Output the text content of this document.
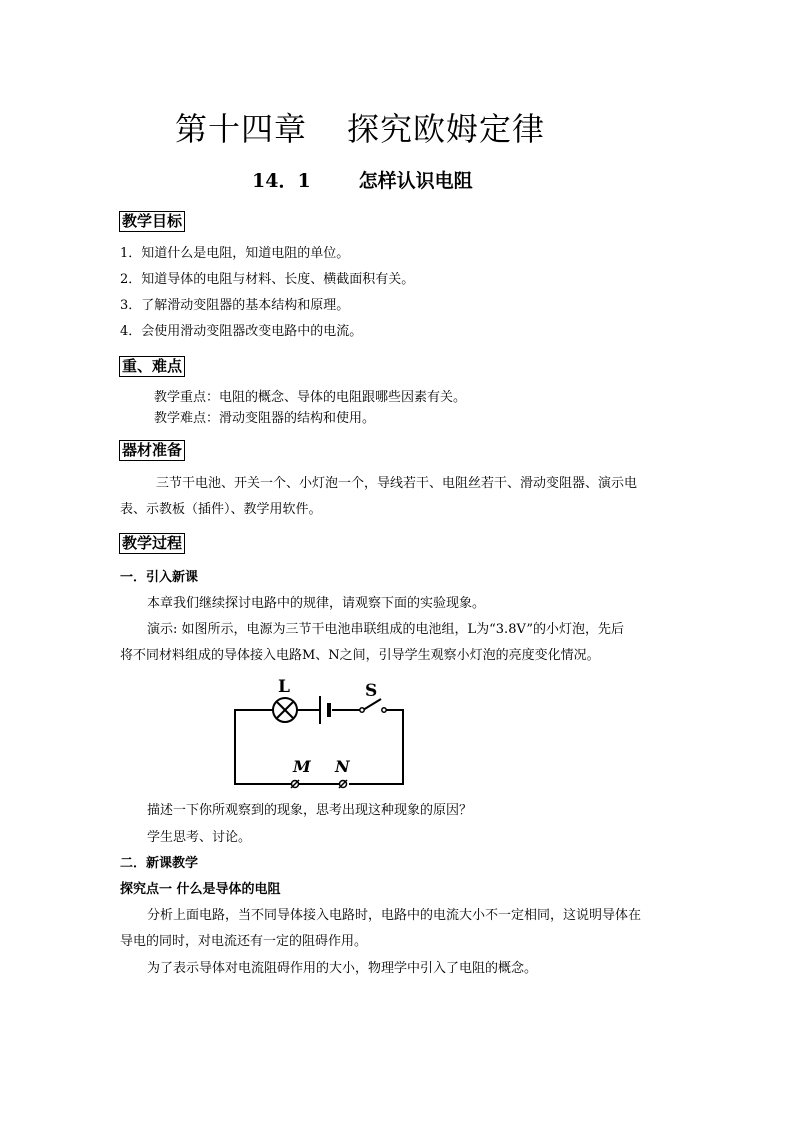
第十四章 探究欧姆定律
14．1	怎样认识电阻
教学目标
1．知道什么是电阻，知道电阻的单位。
2．知道导体的电阻与材料、长度、横截面积有关。
3．了解滑动变阻器的基本结构和原理。
4．会使用滑动变阻器改变电路中的电流。
重、难点
教学重点：电阻的概念、导体的电阻跟哪些因素有关。
教学难点：滑动变阻器的结构和使用。
器材准备
三节干电池、开关一个、小灯泡一个，导线若干、电阻丝若干、滑动变阻器、演示电
表、示教板（插件）、教学用软件。
教学过程
一．引入新课
本章我们继续探讨电路中的规律，请观察下面的实验现象。
演示: 如图所示，电源为三节干电池串联组成的电池组，L为“3.8V”的小灯泡，先后
将不同材料组成的导体接入电路M、N之间，引导学生观察小灯泡的亮度变化情况。
L	S
M N
描述一下你所观察到的现象，思考出现这种现象的原因？
学生思考、讨论。
二．新课教学
探究点一 什么是导体的电阻
分析上面电路，当不同导体接入电路时，电路中的电流大小不一定相同，这说明导体在
导电的同时，对电流还有一定的阻碍作用。
为了表示导体对电流阻碍作用的大小，物理学中引入了电阻的概念。
